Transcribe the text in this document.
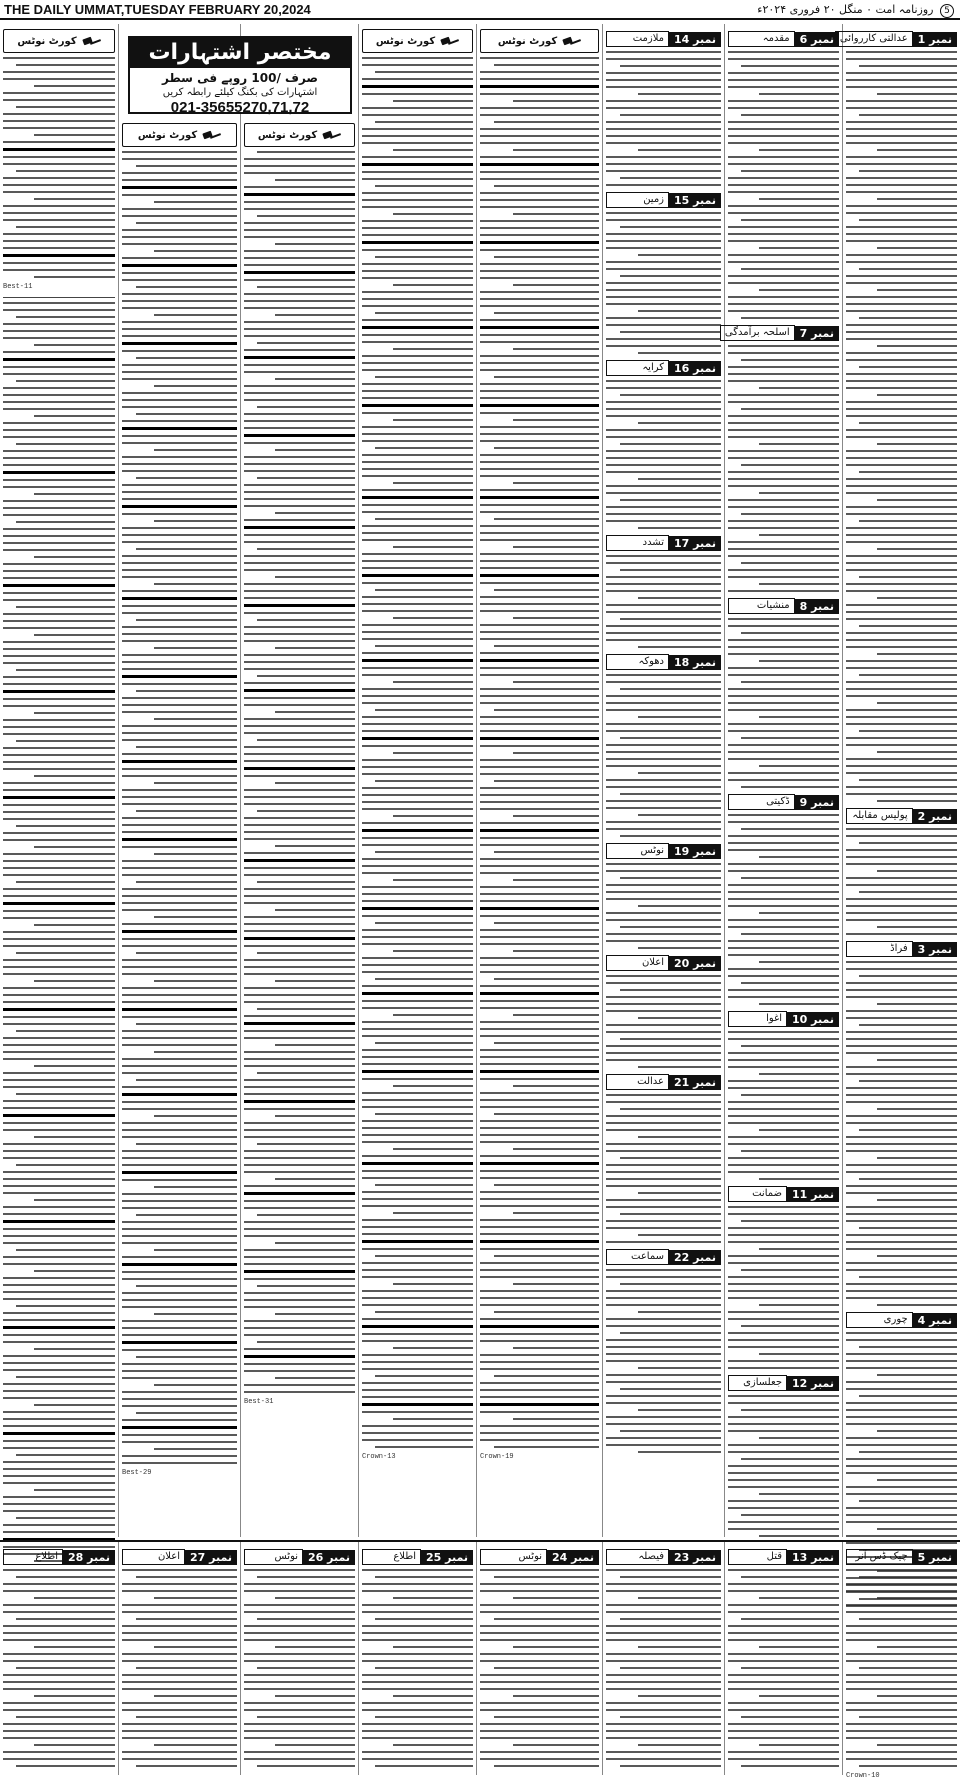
THE DAILY UMMAT,TUESDAY FEBRUARY 20,2024	5 روزنامہ امت ۰ منگل ۲۰ فروری ۲۰۲۴ء
کورٹ نوٹس
Best-11
کورٹ نوٹس
Best-29
کورٹ نوٹس
Best-31
کورٹ نوٹس
Crown-13
کورٹ نوٹس
Crown-19
نمبر 14
ملازمت
نمبر 15
زمین
نمبر 16
کرایہ
نمبر 17
تشدد
نمبر 18
دھوکہ
نمبر 19
نوٹس
نمبر 20
اعلان
نمبر 21
عدالت
نمبر 22
سماعت
نمبر 6
مقدمہ
نمبر 7
اسلحہ برآمدگی
نمبر 8
منشیات
نمبر 9
ڈکیتی
نمبر 10
اغوا
نمبر 11
ضمانت
نمبر 12
جعلسازی
نمبر 1
عدالتی کارروائی
نمبر 2
پولیس مقابلہ
نمبر 3
فراڈ
نمبر 4
چوری
مختصر اشتہارات
صرف /100 روپے فی سطر
اشتہارات کی بکنگ کیلئے رابطہ کریں
021-35655270,71,72
نمبر 28
اطلاع	نمبر 27
اعلان	نمبر 26
نوٹس	نمبر 25
اطلاع	نمبر 24
نوٹس	نمبر 23
فیصلہ	نمبر 13
قتل	نمبر 5
چیک ڈس آنر
Crown-10
